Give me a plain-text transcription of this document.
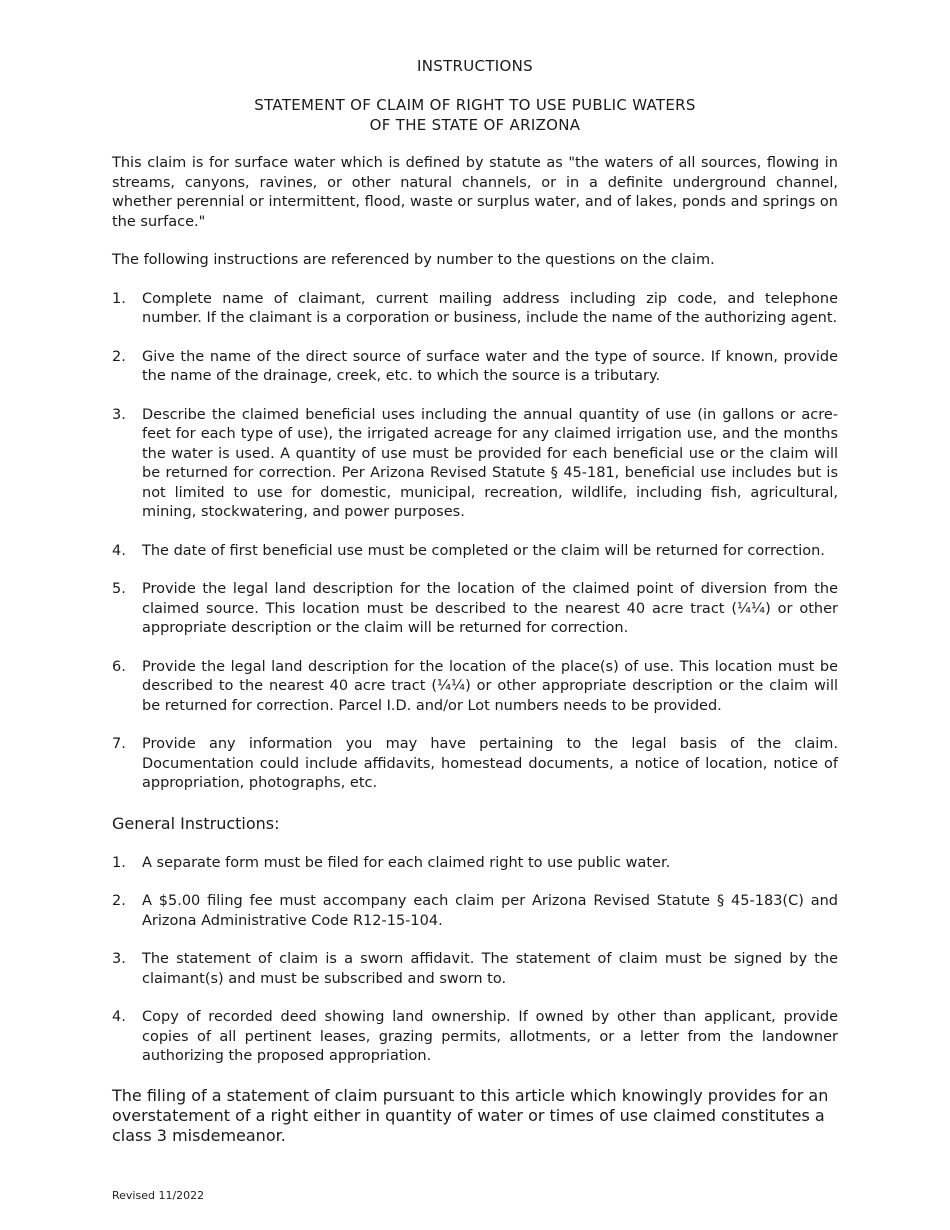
INSTRUCTIONS

STATEMENT OF CLAIM OF RIGHT TO USE PUBLIC WATERS
OF THE STATE OF ARIZONA

This claim is for surface water which is defined by statute as "the waters of all sources, flowing in streams, canyons, ravines, or other natural channels, or in a definite underground channel, whether perennial or intermittent, flood, waste or surplus water, and of lakes, ponds and springs on the surface."

The following instructions are referenced by number to the questions on the claim.

1.	Complete name of claimant, current mailing address including zip code, and telephone number. If the claimant is a corporation or business, include the name of the authorizing agent.
2.	Give the name of the direct source of surface water and the type of source. If known, provide the name of the drainage, creek, etc. to which the source is a tributary.
3.	Describe the claimed beneficial uses including the annual quantity of use (in gallons or acre-feet for each type of use), the irrigated acreage for any claimed irrigation use, and the months the water is used. A quantity of use must be provided for each beneficial use or the claim will be returned for correction. Per Arizona Revised Statute § 45-181, beneficial use includes but is not limited to use for domestic, municipal, recreation, wildlife, including fish, agricultural, mining, stockwatering, and power purposes.
4.	The date of first beneficial use must be completed or the claim will be returned for correction.
5.	Provide the legal land description for the location of the claimed point of diversion from the claimed source. This location must be described to the nearest 40 acre tract (¼¼) or other appropriate description or the claim will be returned for correction.
6.	Provide the legal land description for the location of the place(s) of use. This location must be described to the nearest 40 acre tract (¼¼) or other appropriate description or the claim will be returned for correction. Parcel I.D. and/or Lot numbers needs to be provided.
7.	Provide any information you may have pertaining to the legal basis of the claim. Documentation could include affidavits, homestead documents, a notice of location, notice of appropriation, photographs, etc.

General Instructions:

1.	A separate form must be filed for each claimed right to use public water.
2.	A $5.00 filing fee must accompany each claim per Arizona Revised Statute § 45-183(C) and Arizona Administrative Code R12-15-104.
3.	The statement of claim is a sworn affidavit. The statement of claim must be signed by the claimant(s) and must be subscribed and sworn to.
4.	Copy of recorded deed showing land ownership. If owned by other than applicant, provide copies of all pertinent leases, grazing permits, allotments, or a letter from the landowner authorizing the proposed appropriation.

The filing of a statement of claim pursuant to this article which knowingly provides for an overstatement of a right either in quantity of water or times of use claimed constitutes a class 3 misdemeanor.

Revised 11/2022
